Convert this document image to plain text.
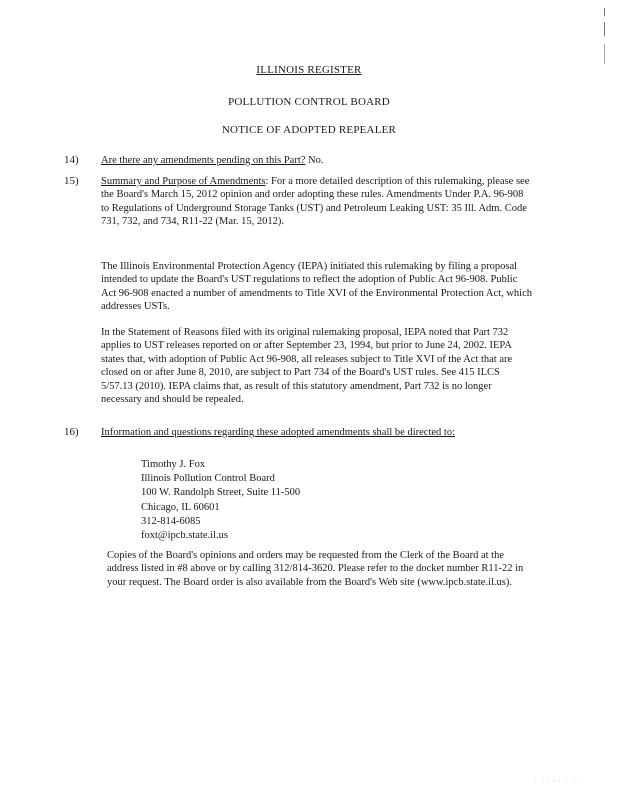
ILLINOIS REGISTER
POLLUTION CONTROL BOARD
NOTICE OF ADOPTED REPEALER
14) Are there any amendments pending on this Part? No.
15) Summary and Purpose of Amendments: For a more detailed description of this rulemaking, please see the Board's March 15, 2012 opinion and order adopting these rules. Amendments Under P.A. 96-908 to Regulations of Underground Storage Tanks (UST) and Petroleum Leaking UST: 35 Ill. Adm. Code 731, 732, and 734, R11-22 (Mar. 15, 2012).
The Illinois Environmental Protection Agency (IEPA) initiated this rulemaking by filing a proposal intended to update the Board's UST regulations to reflect the adoption of Public Act 96-908. Public Act 96-908 enacted a number of amendments to Title XVI of the Environmental Protection Act, which addresses USTs.
In the Statement of Reasons filed with its original rulemaking proposal, IEPA noted that Part 732 applies to UST releases reported on or after September 23, 1994, but prior to June 24, 2002. IEPA states that, with adoption of Public Act 96-908, all releases subject to Title XVI of the Act that are closed on or after June 8, 2010, are subject to Part 734 of the Board's UST rules. See 415 ILCS 5/57.13 (2010). IEPA claims that, as result of this statutory amendment, Part 732 is no longer necessary and should be repealed.
16) Information and questions regarding these adopted amendments shall be directed to:
Timothy J. Fox
Illinois Pollution Control Board
100 W. Randolph Street, Suite 11-500
Chicago, IL 60601
312-814-6085
foxt@ipcb.state.il.us
Copies of the Board's opinions and orders may be requested from the Clerk of the Board at the address listed in #8 above or by calling 312/814-3620. Please refer to the docket number R11-22 in your request. The Board order is also available from the Board's Web site (www.ipcb.state.il.us).
·  · · · · ·  · ·
